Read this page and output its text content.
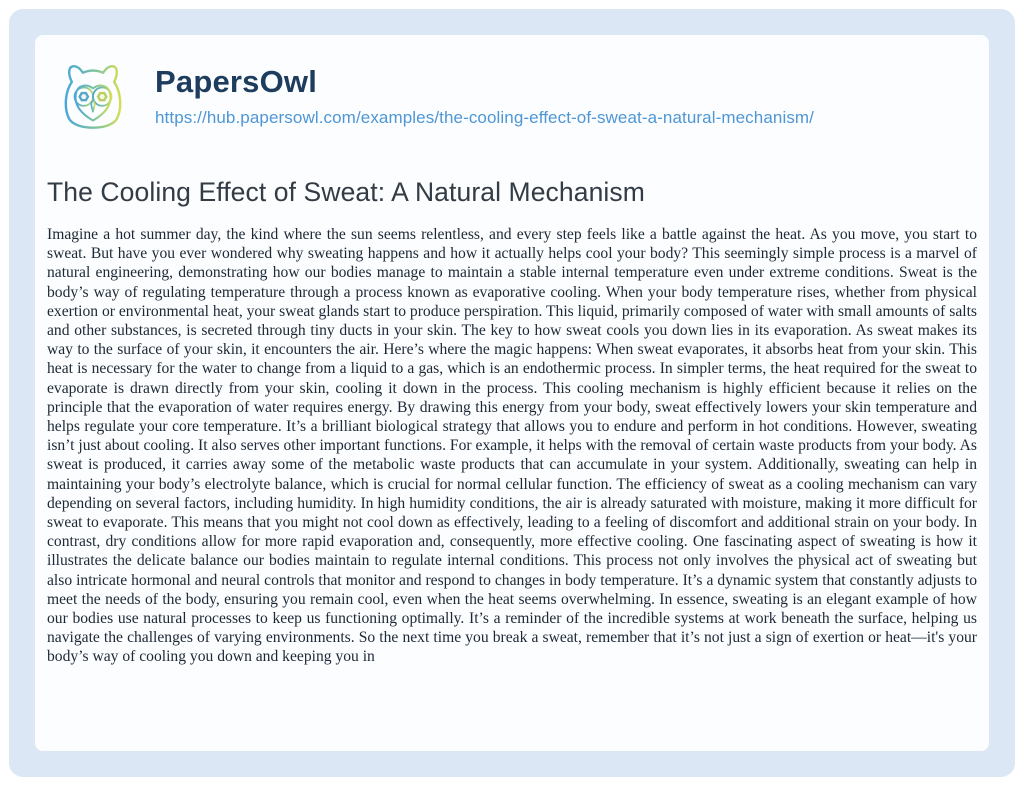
PapersOwl
https://hub.papersowl.com/examples/the-cooling-effect-of-sweat-a-natural-mechanism/
The Cooling Effect of Sweat: A Natural Mechanism

Imagine a hot summer day, the kind where the sun seems relentless, and every step feels like a battle against the heat. As you move, you start to sweat. But have you ever wondered why sweating happens and how it actually helps cool your body? This seemingly simple process is a marvel of natural engineering, demonstrating how our bodies manage to maintain a stable internal temperature even under extreme conditions. Sweat is the body’s way of regulating temperature through a process known as evaporative cooling. When your body temperature rises, whether from physical exertion or environmental heat, your sweat glands start to produce perspiration. This liquid, primarily composed of water with small amounts of salts and other substances, is secreted through tiny ducts in your skin. The key to how sweat cools you down lies in its evaporation. As sweat makes its way to the surface of your skin, it encounters the air. Here’s where the magic happens: When sweat evaporates, it absorbs heat from your skin. This heat is necessary for the water to change from a liquid to a gas, which is an endothermic process. In simpler terms, the heat required for the sweat to evaporate is drawn directly from your skin, cooling it down in the process. This cooling mechanism is highly efficient because it relies on the principle that the evaporation of water requires energy. By drawing this energy from your body, sweat effectively lowers your skin temperature and helps regulate your core temperature. It’s a brilliant biological strategy that allows you to endure and perform in hot conditions. However, sweating isn’t just about cooling. It also serves other important functions. For example, it helps with the removal of certain waste products from your body. As sweat is produced, it carries away some of the metabolic waste products that can accumulate in your system. Additionally, sweating can help in maintaining your body’s electrolyte balance, which is crucial for normal cellular function. The efficiency of sweat as a cooling mechanism can vary depending on several factors, including humidity. In high humidity conditions, the air is already saturated with moisture, making it more difficult for sweat to evaporate. This means that you might not cool down as effectively, leading to a feeling of discomfort and additional strain on your body. In contrast, dry conditions allow for more rapid evaporation and, consequently, more effective cooling. One fascinating aspect of sweating is how it illustrates the delicate balance our bodies maintain to regulate internal conditions. This process not only involves the physical act of sweating but also intricate hormonal and neural controls that monitor and respond to changes in body temperature. It’s a dynamic system that constantly adjusts to meet the needs of the body, ensuring you remain cool, even when the heat seems overwhelming. In essence, sweating is an elegant example of how our bodies use natural processes to keep us functioning optimally. It’s a reminder of the incredible systems at work beneath the surface, helping us navigate the challenges of varying environments. So the next time you break a sweat, remember that it’s not just a sign of exertion or heat—it's your body’s way of cooling you down and keeping you in
